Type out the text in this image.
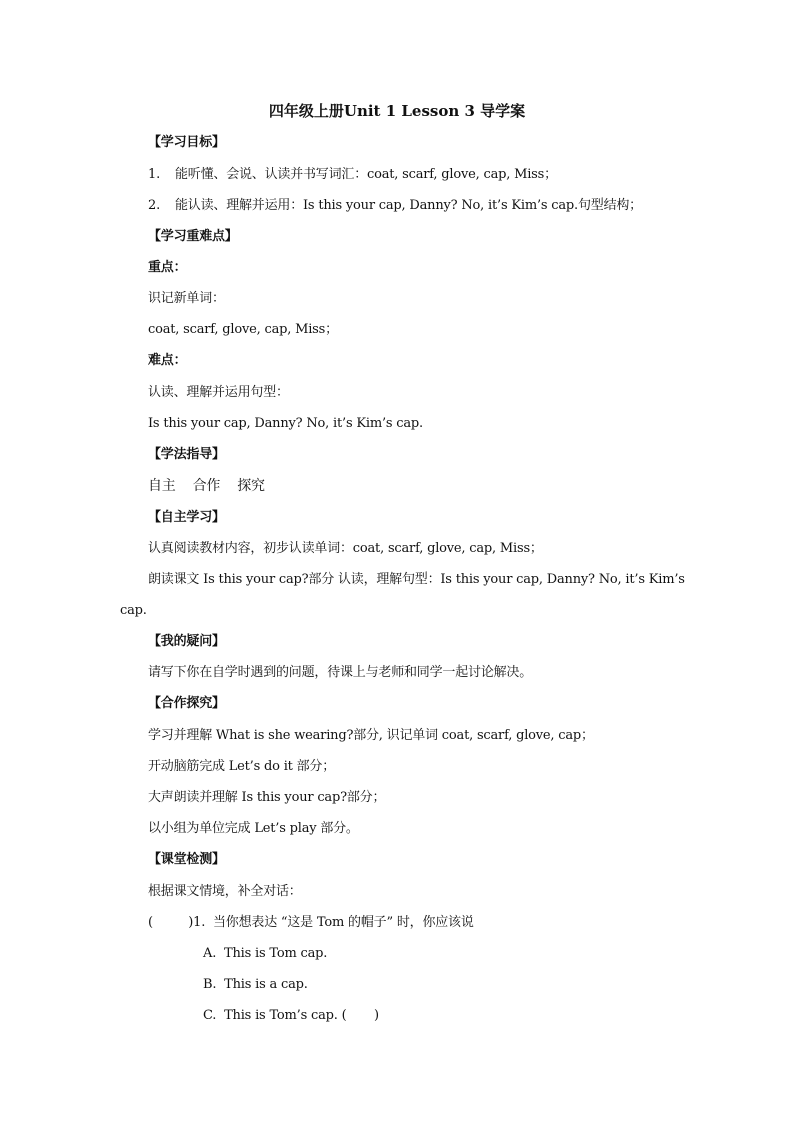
四年级上册Unit 1 Lesson 3 导学案
【学习目标】
1. 能听懂、会说、认读并书写词汇：coat, scarf, glove, cap, Miss；
2. 能认读、理解并运用：Is this your cap, Danny? No, it’s Kim’s cap.句型结构；
【学习重难点】
重点：
识记新单词：
coat, scarf, glove, cap, Miss；
难点：
认读、理解并运用句型：
Is this your cap, Danny? No, it’s Kim’s cap.
【学法指导】
自主    合作    探究
【自主学习】
认真阅读教材内容，初步认读单词：coat, scarf, glove, cap, Miss；
朗读课文 Is this your cap?部分 认读，理解句型：Is this your cap, Danny? No, it’s Kim’s
cap.
【我的疑问】
请写下你在自学时遇到的问题，待课上与老师和同学一起讨论解决。
【合作探究】
学习并理解 What is she wearing?部分, 识记单词 coat, scarf, glove, cap；
开动脑筋完成 Let’s do it 部分；
大声朗读并理解 Is this your cap?部分；
以小组为单位完成 Let’s play 部分。
【课堂检测】
根据课文情境，补全对话：
(         )1.  当你想表达 “这是 Tom 的帽子” 时，你应该说
A.  This is Tom cap.
B.  This is a cap.
C.  This is Tom’s cap. (       )
